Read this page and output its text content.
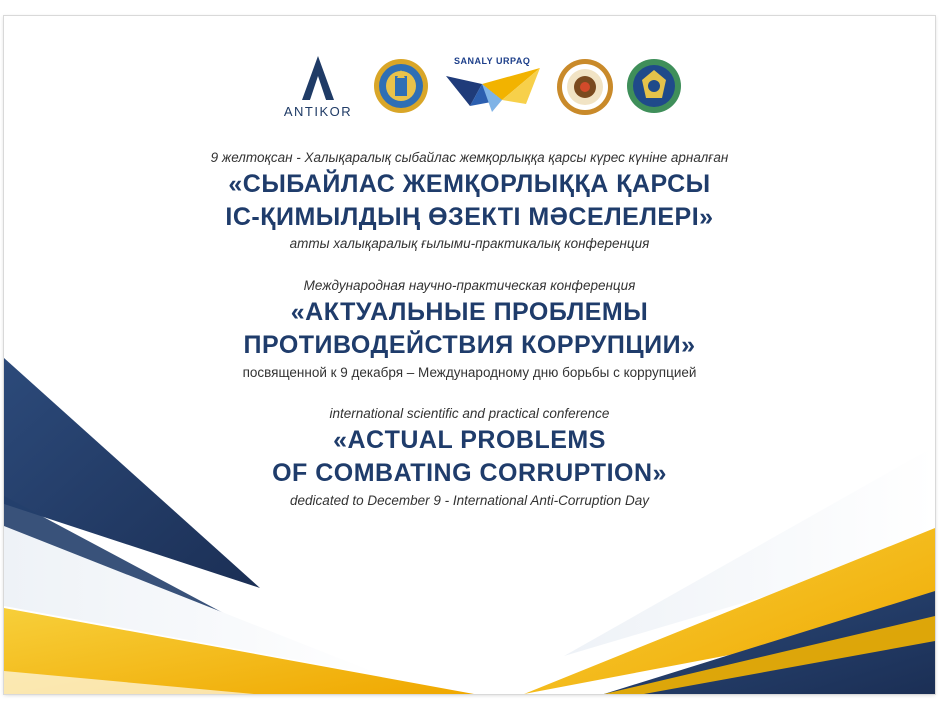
ANTIKOR
SANALY URPAQ
9 желтоқсан - Халықаралық сыбайлас жемқорлыққа қарсы күрес күніне арналған
«СЫБАЙЛАС ЖЕМҚОРЛЫҚҚА ҚАРСЫ
ІС-ҚИМЫЛДЫҢ ӨЗЕКТІ МӘСЕЛЕЛЕРІ»
атты халықаралық ғылыми-практикалық конференция
Международная научно-практическая конференция
«АКТУАЛЬНЫЕ ПРОБЛЕМЫ
ПРОТИВОДЕЙСТВИЯ КОРРУПЦИИ»
посвященной к 9 декабря – Международному дню борьбы с коррупцией
international scientific and practical conference
«ACTUAL PROBLEMS
OF COMBATING CORRUPTION»
dedicated to December 9 - International Anti-Corruption Day
